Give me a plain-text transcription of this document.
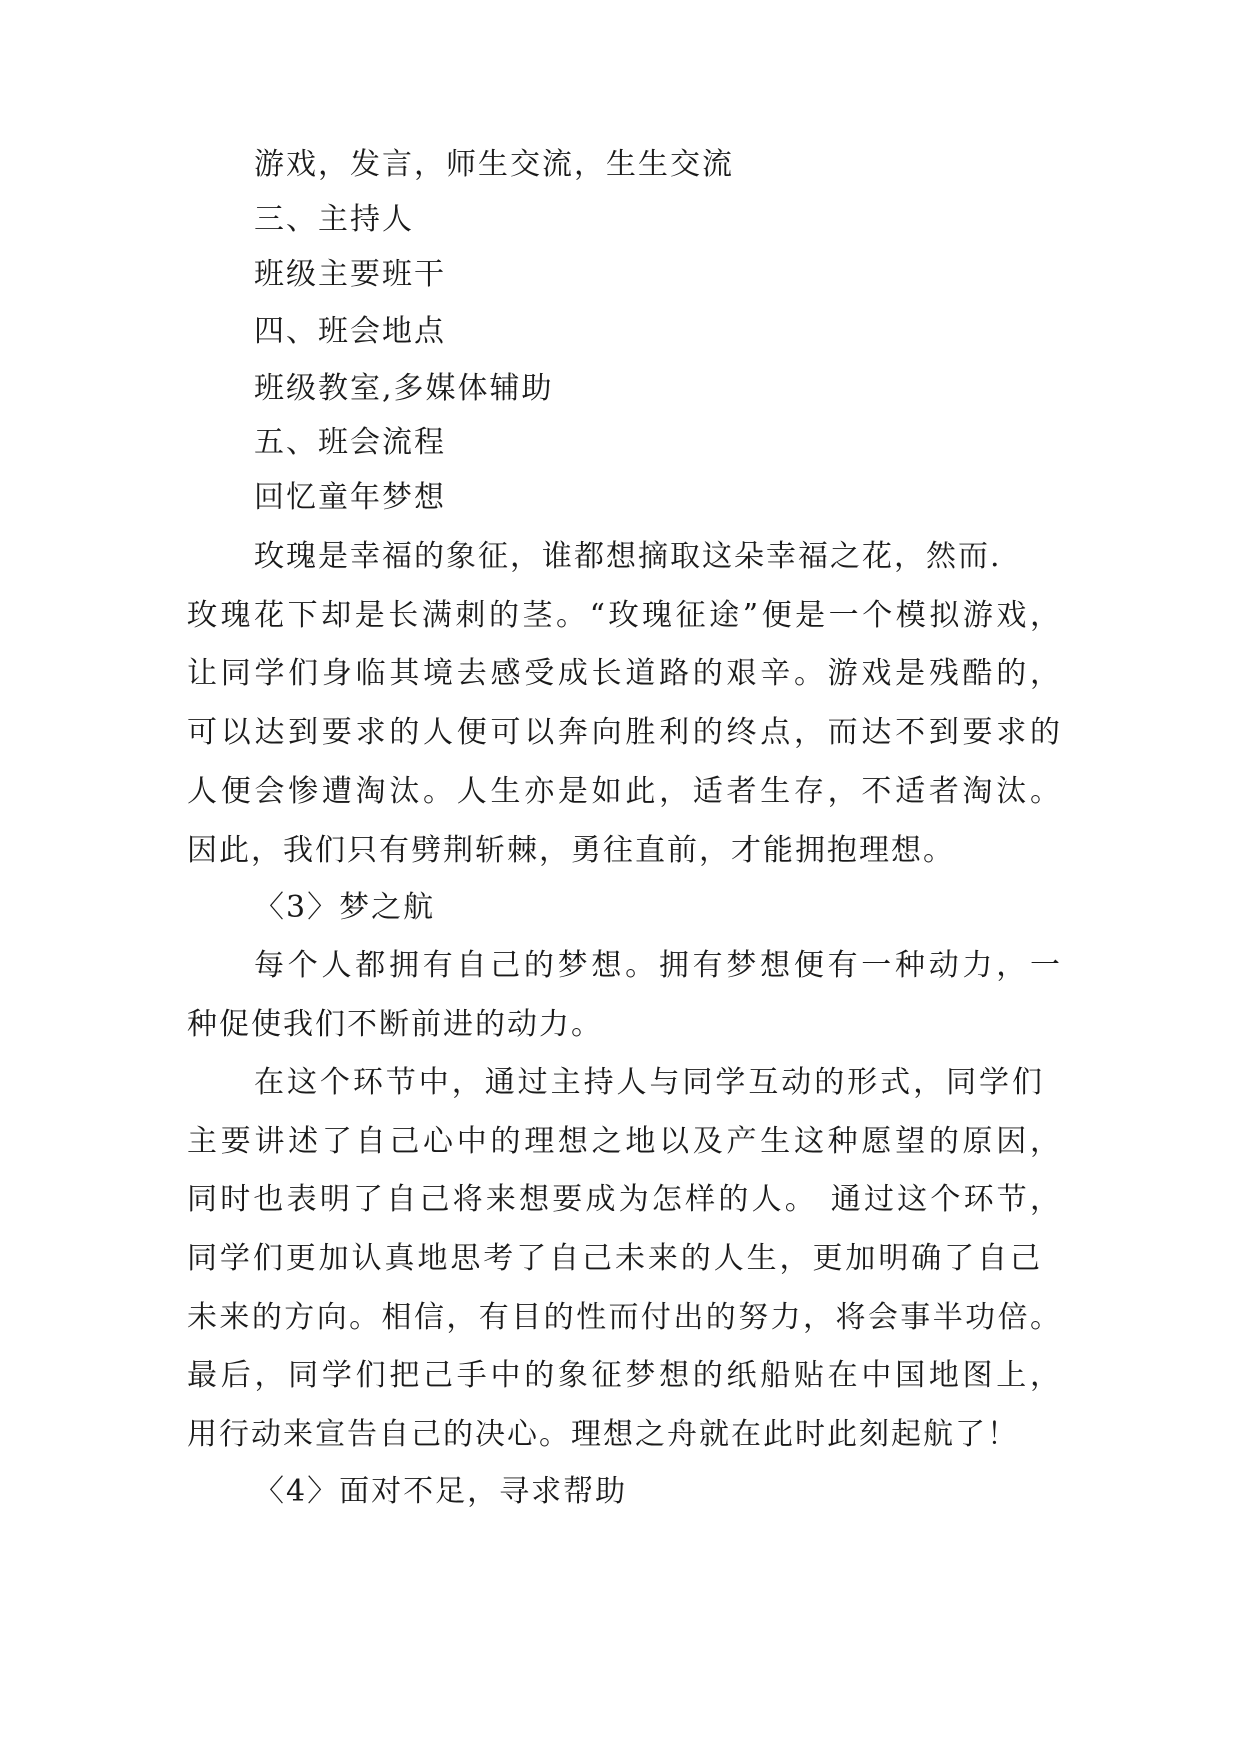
游戏，发言，师生交流，生生交流
三、主持人
班级主要班干
四、班会地点
班级教室,多媒体辅助
五、班会流程
回忆童年梦想
玫瑰是幸福的象征，谁都想摘取这朵幸福之花，然而.
玫瑰花下却是长满刺的茎。“玫瑰征途”便是一个模拟游戏，
让同学们身临其境去感受成长道路的艰辛。游戏是残酷的，
可以达到要求的人便可以奔向胜利的终点，而达不到要求的
人便会惨遭淘汰。人生亦是如此，适者生存，不适者淘汰。
因此，我们只有劈荆斩棘，勇往直前，才能拥抱理想。
〈3〉梦之航
每个人都拥有自己的梦想。拥有梦想便有一种动力，一
种促使我们不断前进的动力。
在这个环节中，通过主持人与同学互动的形式，同学们
主要讲述了自己心中的理想之地以及产生这种愿望的原因，
同时也表明了自己将来想要成为怎样的人。 通过这个环节，
同学们更加认真地思考了自己未来的人生，更加明确了自己
未来的方向。相信，有目的性而付出的努力，将会事半功倍。
最后，同学们把己手中的象征梦想的纸船贴在中国地图上，
用行动来宣告自己的决心。理想之舟就在此时此刻起航了！
〈4〉面对不足，寻求帮助
